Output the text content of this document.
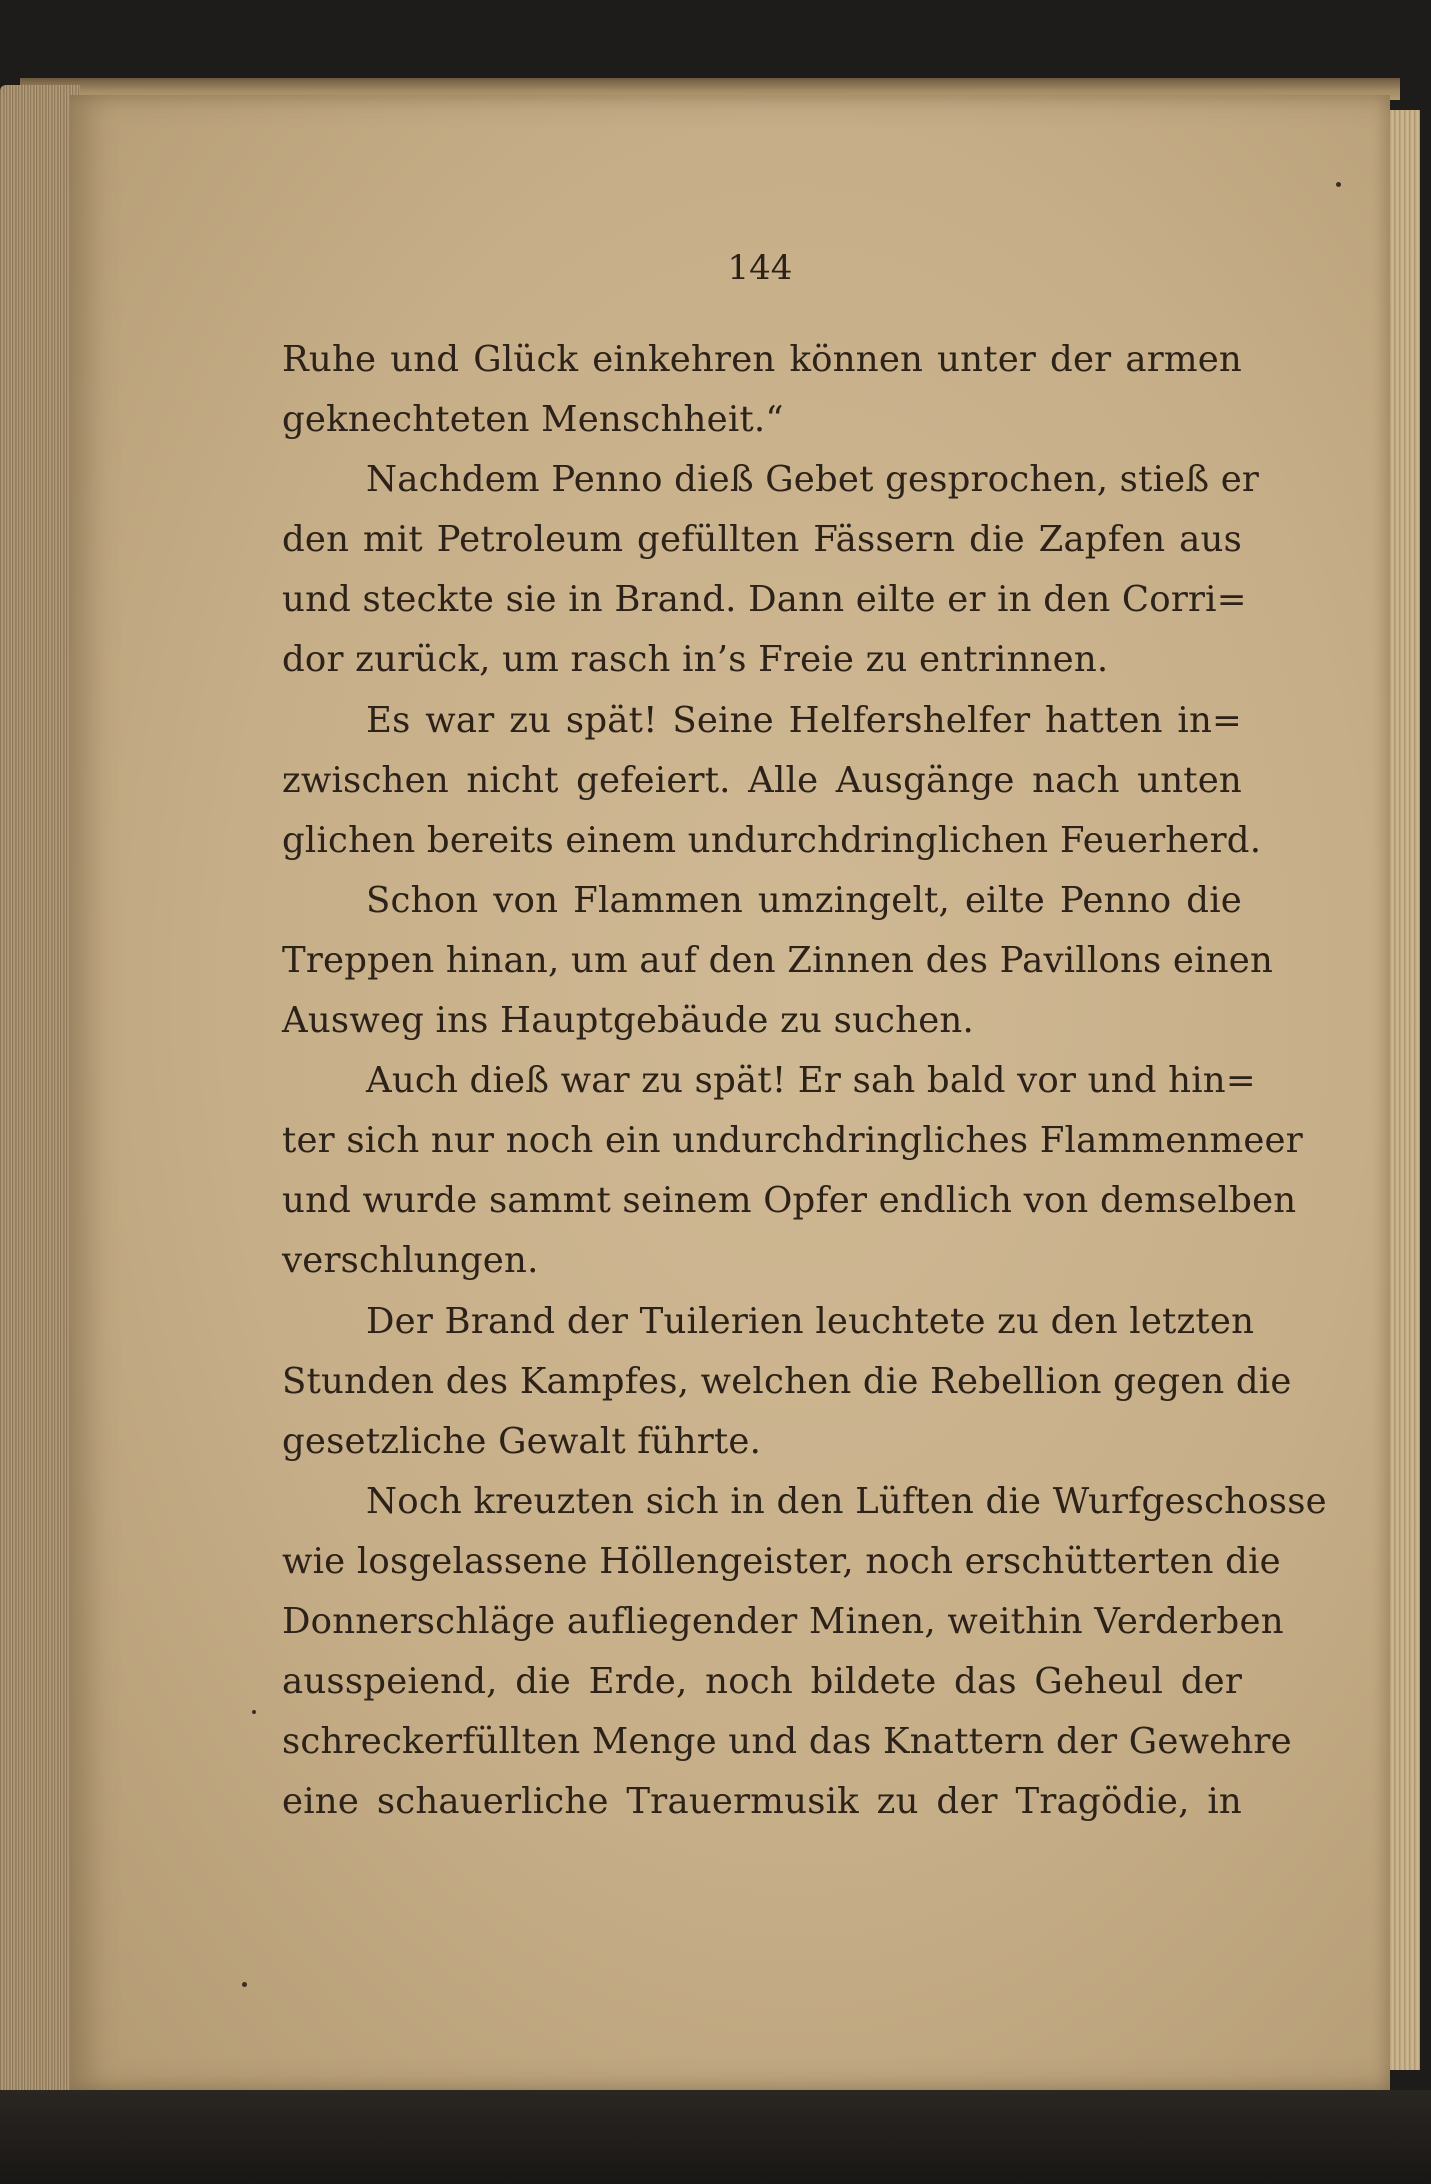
144
Ruhe und Glück einkehren können unter der armen
geknechteten Menschheit.“
Nachdem Penno dieß Gebet gesprochen, stieß er
den mit Petroleum gefüllten Fässern die Zapfen aus
und steckte sie in Brand. Dann eilte er in den Corri=
dor zurück, um rasch in’s Freie zu entrinnen.
Es war zu spät! Seine Helfershelfer hatten in=
zwischen nicht gefeiert. Alle Ausgänge nach unten
glichen bereits einem undurchdringlichen Feuerherd.
Schon von Flammen umzingelt, eilte Penno die
Treppen hinan, um auf den Zinnen des Pavillons einen
Ausweg ins Hauptgebäude zu suchen.
Auch dieß war zu spät! Er sah bald vor und hin=
ter sich nur noch ein undurchdringliches Flammenmeer
und wurde sammt seinem Opfer endlich von demselben
verschlungen.
Der Brand der Tuilerien leuchtete zu den letzten
Stunden des Kampfes, welchen die Rebellion gegen die
gesetzliche Gewalt führte.
Noch kreuzten sich in den Lüften die Wurfgeschosse
wie losgelassene Höllengeister, noch erschütterten die
Donnerschläge aufliegender Minen, weithin Verderben
ausspeiend, die Erde, noch bildete das Geheul der
schreckerfüllten Menge und das Knattern der Gewehre
eine schauerliche Trauermusik zu der Tragödie, in
